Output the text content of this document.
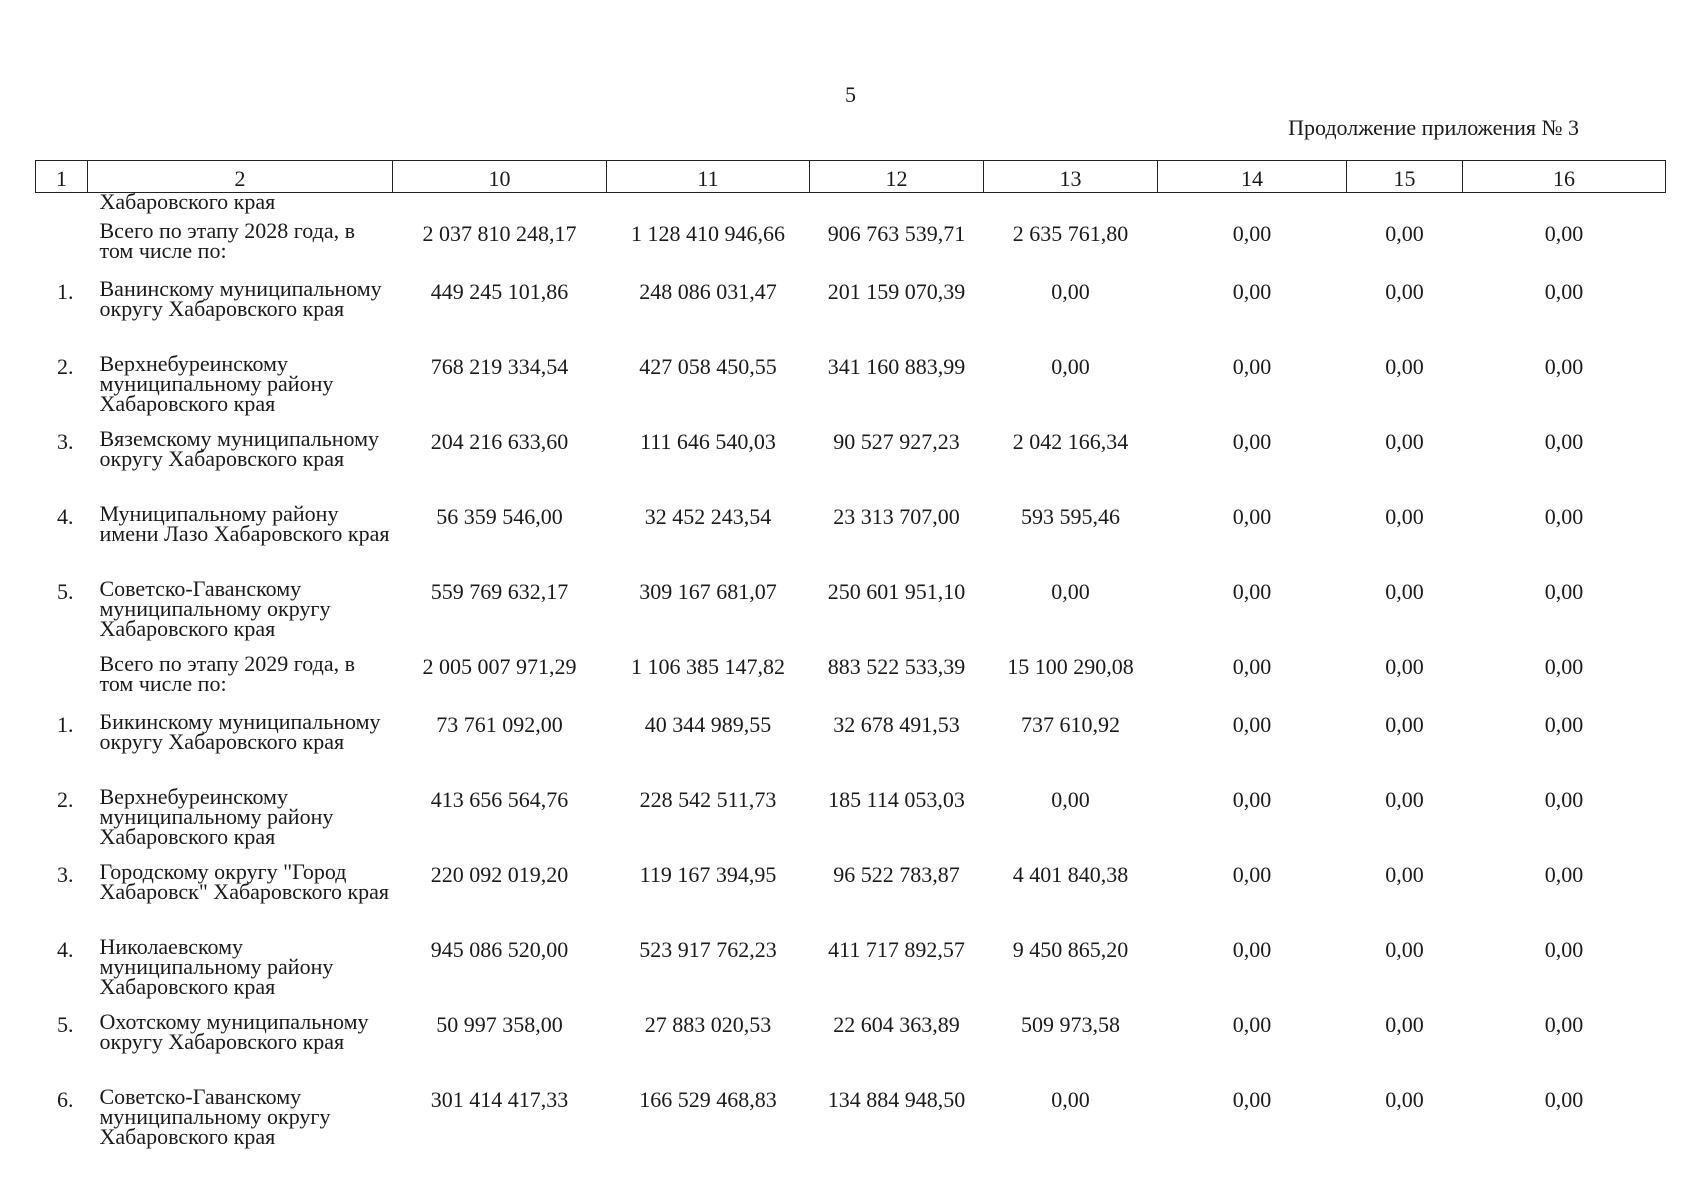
5
Продолжение приложения № 3
1	2	10	11	12	13	14	15	16
	Хабаровского края							
	Всего по этапу 2028 года, в том числе по:	2 037 810 248,17	1 128 410 946,66	906 763 539,71	2 635 761,80	0,00	0,00	0,00
1.	Ванинскому муниципальному округу Хабаровского края	449 245 101,86	248 086 031,47	201 159 070,39	0,00	0,00	0,00	0,00
2.	Верхнебуреинскому муниципальному району Хабаровского края	768 219 334,54	427 058 450,55	341 160 883,99	0,00	0,00	0,00	0,00
3.	Вяземскому муниципальному округу Хабаровского края	204 216 633,60	111 646 540,03	90 527 927,23	2 042 166,34	0,00	0,00	0,00
4.	Муниципальному району имени Лазо Хабаровского края	56 359 546,00	32 452 243,54	23 313 707,00	593 595,46	0,00	0,00	0,00
5.	Советско-Гаванскому муниципальному округу Хабаровского края	559 769 632,17	309 167 681,07	250 601 951,10	0,00	0,00	0,00	0,00
	Всего по этапу 2029 года, в том числе по:	2 005 007 971,29	1 106 385 147,82	883 522 533,39	15 100 290,08	0,00	0,00	0,00
1.	Бикинскому муниципальному округу Хабаровского края	73 761 092,00	40 344 989,55	32 678 491,53	737 610,92	0,00	0,00	0,00
2.	Верхнебуреинскому муниципальному району Хабаровского края	413 656 564,76	228 542 511,73	185 114 053,03	0,00	0,00	0,00	0,00
3.	Городскому округу "Город Хабаровск" Хабаровского края	220 092 019,20	119 167 394,95	96 522 783,87	4 401 840,38	0,00	0,00	0,00
4.	Николаевскому муниципальному району Хабаровского края	945 086 520,00	523 917 762,23	411 717 892,57	9 450 865,20	0,00	0,00	0,00
5.	Охотскому муниципальному округу Хабаровского края	50 997 358,00	27 883 020,53	22 604 363,89	509 973,58	0,00	0,00	0,00
6.	Советско-Гаванскому муниципальному округу Хабаровского края	301 414 417,33	166 529 468,83	134 884 948,50	0,00	0,00	0,00	0,00
